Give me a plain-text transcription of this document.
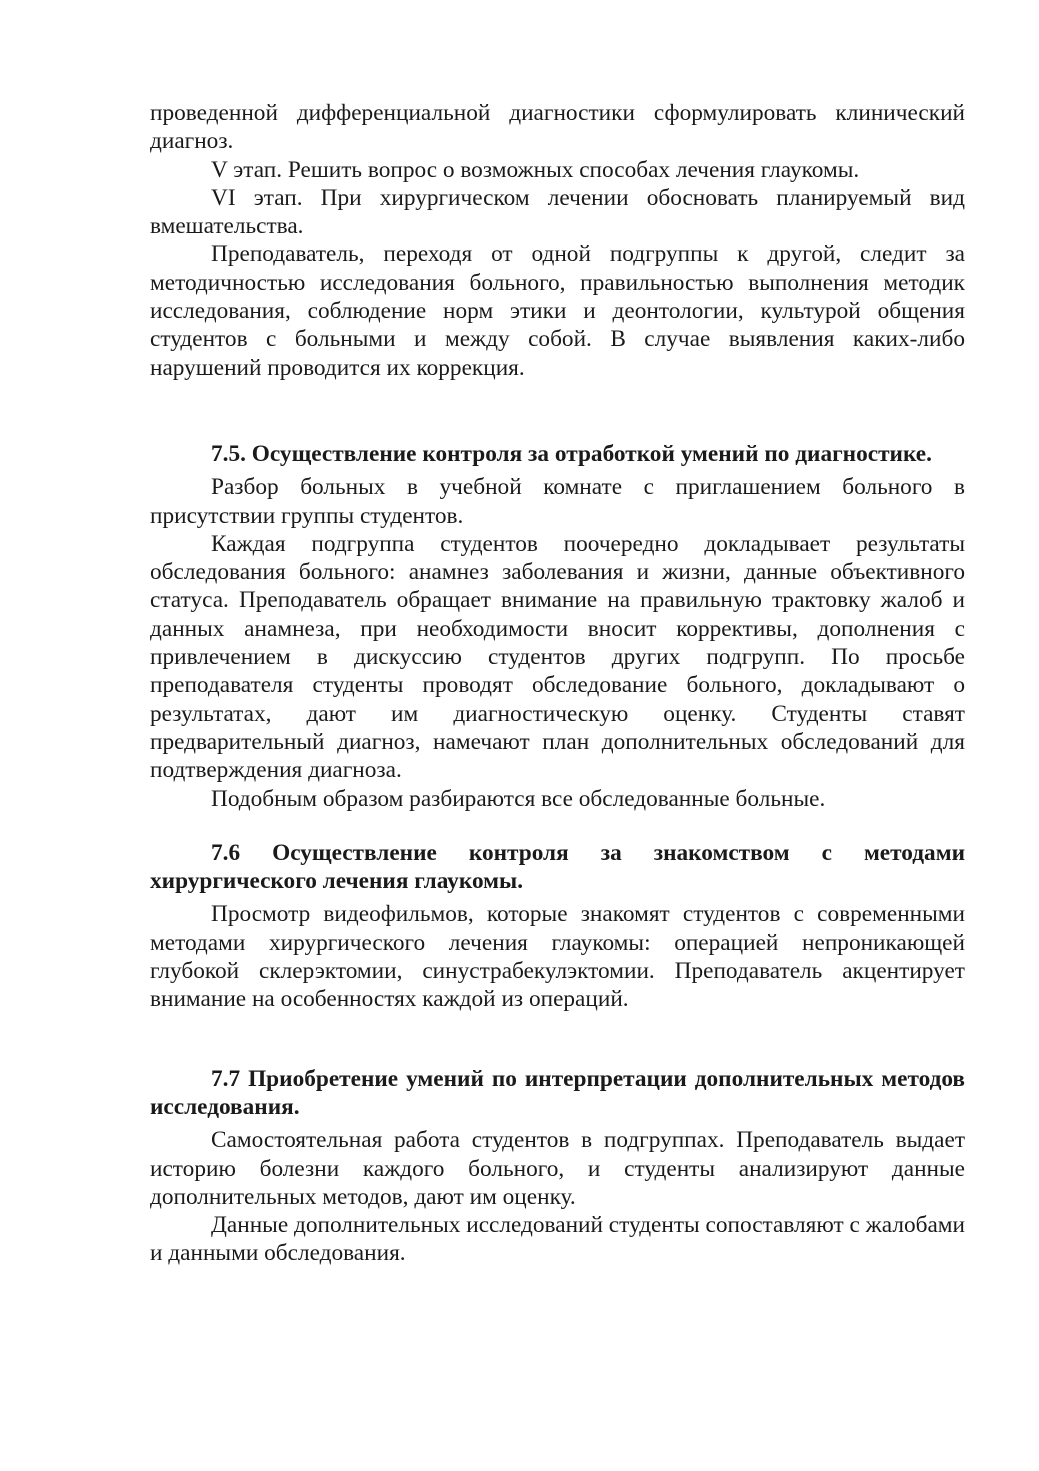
проведенной дифференциальной диагностики сформулировать клинический диагноз.

V этап. Решить вопрос о возможных способах лечения глаукомы.

VI этап. При хирургическом лечении обосновать планируемый вид вмешательства.

Преподаватель, переходя от одной подгруппы к другой, следит за методичностью исследования больного, правильностью выполнения методик исследования, соблюдение норм этики и деонтологии, культурой общения студентов с больными и между собой. В случае выявления каких-либо нарушений проводится их коррекция.

7.5. Осуществление контроля за отработкой умений по диагностике.

Разбор больных в учебной комнате с приглашением больного в присутствии группы студентов.

Каждая подгруппа студентов поочередно докладывает результаты обследования больного: анамнез заболевания и жизни, данные объективного статуса. Преподаватель обращает внимание на правильную трактовку жалоб и данных анамнеза, при необходимости вносит коррективы, дополнения с привлечением в дискуссию студентов других подгрупп. По просьбе преподавателя студенты проводят обследование больного, докладывают о результатах, дают им диагностическую оценку. Студенты ставят предварительный диагноз, намечают план дополнительных обследований для подтверждения диагноза.

Подобным образом разбираются все обследованные больные.

7.6 Осуществление контроля за знакомством с методами хирургического лечения глаукомы.

Просмотр видеофильмов, которые знакомят студентов с современными методами хирургического лечения глаукомы: операцией непроникающей глубокой склерэктомии, синустрабекулэктомии. Преподаватель акцентирует внимание на особенностях каждой из операций.

7.7 Приобретение умений по интерпретации дополнительных методов исследования.

Самостоятельная работа студентов в подгруппах. Преподаватель выдает историю болезни каждого больного, и студенты анализируют данные дополнительных методов, дают им оценку.

Данные дополнительных исследований студенты сопоставляют с жалобами и данными обследования.
